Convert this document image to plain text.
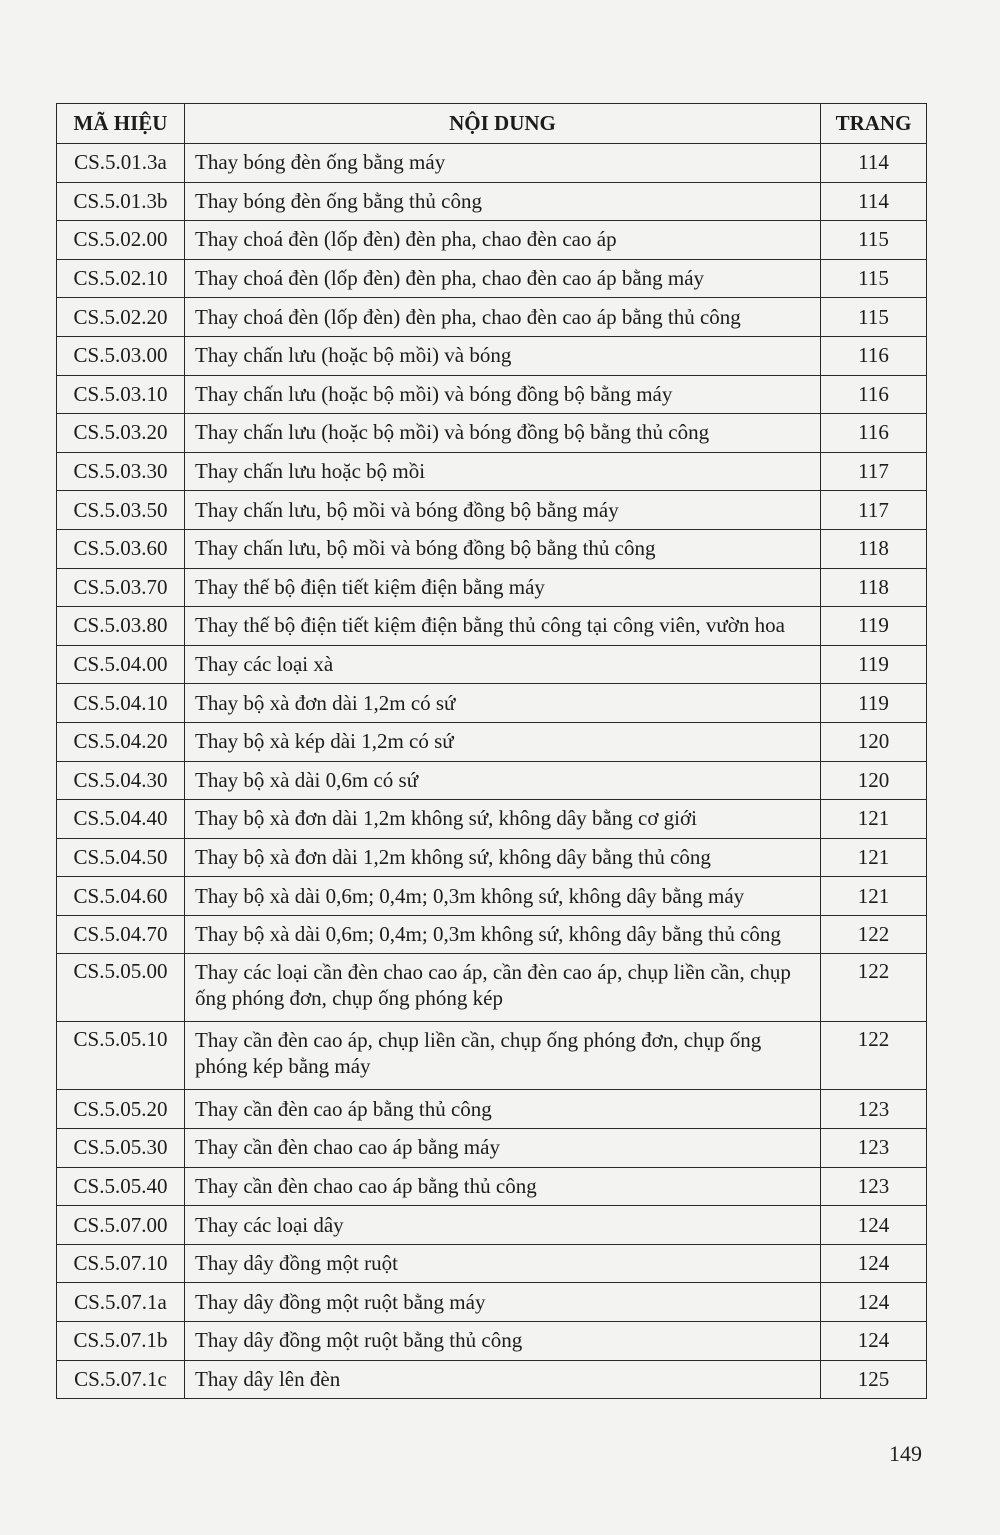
MÃ HIỆU	NỘI DUNG	TRANG
CS.5.01.3a	Thay bóng đèn ống bằng máy	114
CS.5.01.3b	Thay bóng đèn ống bằng thủ công	114
CS.5.02.00	Thay choá đèn (lốp đèn) đèn pha, chao đèn cao áp	115
CS.5.02.10	Thay choá đèn (lốp đèn) đèn pha, chao đèn cao áp bằng máy	115
CS.5.02.20	Thay choá đèn (lốp đèn) đèn pha, chao đèn cao áp bằng thủ công	115
CS.5.03.00	Thay chấn lưu (hoặc bộ mồi) và bóng	116
CS.5.03.10	Thay chấn lưu (hoặc bộ mồi) và bóng đồng bộ bằng máy	116
CS.5.03.20	Thay chấn lưu (hoặc bộ mồi) và bóng đồng bộ bằng thủ công	116
CS.5.03.30	Thay chấn lưu hoặc bộ mồi	117
CS.5.03.50	Thay chấn lưu, bộ mồi và bóng đồng bộ bằng máy	117
CS.5.03.60	Thay chấn lưu, bộ mồi và bóng đồng bộ bằng thủ công	118
CS.5.03.70	Thay thế bộ điện tiết kiệm điện bằng máy	118
CS.5.03.80	Thay thế bộ điện tiết kiệm điện bằng thủ công tại công viên, vườn hoa	119
CS.5.04.00	Thay các loại xà	119
CS.5.04.10	Thay bộ xà đơn dài 1,2m có sứ	119
CS.5.04.20	Thay bộ xà kép dài 1,2m có sứ	120
CS.5.04.30	Thay bộ xà dài 0,6m có sứ	120
CS.5.04.40	Thay bộ xà đơn dài 1,2m không sứ, không dây bằng cơ giới	121
CS.5.04.50	Thay bộ xà đơn dài 1,2m không sứ, không dây bằng thủ công	121
CS.5.04.60	Thay bộ xà dài 0,6m; 0,4m; 0,3m không sứ, không dây bằng máy	121
CS.5.04.70	Thay bộ xà dài 0,6m; 0,4m; 0,3m không sứ, không dây bằng thủ công	122
CS.5.05.00	Thay các loại cần đèn chao cao áp, cần đèn cao áp, chụp liền cần, chụp ống phóng đơn, chụp ống phóng kép	122
CS.5.05.10	Thay cần đèn cao áp, chụp liền cần, chụp ống phóng đơn, chụp ống phóng kép bằng máy	122
CS.5.05.20	Thay cần đèn cao áp bằng thủ công	123
CS.5.05.30	Thay cần đèn chao cao áp bằng máy	123
CS.5.05.40	Thay cần đèn chao cao áp bằng thủ công	123
CS.5.07.00	Thay các loại dây	124
CS.5.07.10	Thay dây đồng một ruột	124
CS.5.07.1a	Thay dây đồng một ruột bằng máy	124
CS.5.07.1b	Thay dây đồng một ruột bằng thủ công	124
CS.5.07.1c	Thay dây lên đèn	125
149
